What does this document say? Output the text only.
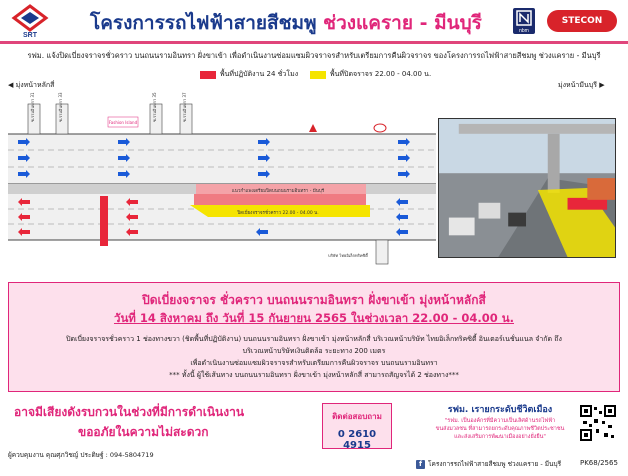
SRT
โครงการรถไฟฟ้าสายสีชมพู ช่วงแคราย - มีนบุรี	nbm
STECON
รฟม. แจ้งปิดเบี่ยงจราจรชั่วคราว บนถนนรามอินทรา ฝั่งขาเข้า เพื่อดำเนินงานซ่อมแซมผิวจราจรสำหรับเตรียมการคืนผิวจราจร ของโครงการรถไฟฟ้าสายสีชมพู ช่วงแคราย - มีนบุรี
พื้นที่ปฏิบัติงาน 24 ชั่วโมง	พื้นที่ปิดจราจร 22.00 - 04.00 น.
◀ มุ่งหน้าหลักสี่	มุ่งหน้ามีนบุรี ▶
ปิดเบี่ยงจราจรชั่วคราว 22.00 - 04.00 น.
แนวกำแพงเตรียมปิดบนถนนรามอินทรา - มีนบุรี
ซ.รามอินทรา 31	ซ.รามอินทรา 33	ซ.รามอินทรา 35	ซ.รามอินทรา 37
Fashion Island
บริษัท ไทยอิเล็กทริคซิตี้
ปิดเบี่ยงจราจร ชั่วคราว บนถนนรามอินทรา ฝั่งขาเข้า มุ่งหน้าหลักสี่
วันที่ 14 สิงหาคม ถึง วันที่ 15 กันยายน 2565 ในช่วงเวลา 22.00 - 04.00 น.
ปิดเบี่ยงจราจรชั่วคราว 1 ช่องทางขวา (ชิดพื้นที่ปฏิบัติงาน) บนถนนรามอินทรา ฝั่งขาเข้า มุ่งหน้าหลักสี่ บริเวณหน้าบริษัท ไทยอิเล็กทริคซิตี้ อินเตอร์เนชั่นแนล จำกัด ถึง
บริเวณหน้าบริษัทเงินติดล้อ ระยะทาง 200 เมตร
เพื่อดำเนินงานซ่อมแซมผิวจราจรสำหรับเตรียมการคืนผิวจราจร บนถนนรามอินทรา
*** ทั้งนี้ ผู้ใช้เส้นทาง บนถนนรามอินทรา ฝั่งขาเข้า มุ่งหน้าหลักสี่ สามารถสัญจรได้ 2 ช่องทาง***
อาจมีเสียงดังรบกวนในช่วงที่มีการดำเนินงาน
ขออภัยในความไม่สะดวก
ติดต่อสอบถาม
0 2610 4915
รฟม. เรายกระดับชีวิตเมือง
"รฟม. เป็นองค์กรที่มีความเป็นเลิศด้านรถไฟฟ้า
ขนส่งมวลชน ที่สามารถยกระดับคุณภาพชีวิตประชาชน
และส่งเสริมการพัฒนาเมืองอย่างยั่งยืน"
ผู้ควบคุมงาน คุณศุภวิชญ์ ประดิษฐ์ : 094-5804719
f โครงการรถไฟฟ้าสายสีชมพู ช่วงแคราย - มีนบุรี	PK68/2565
